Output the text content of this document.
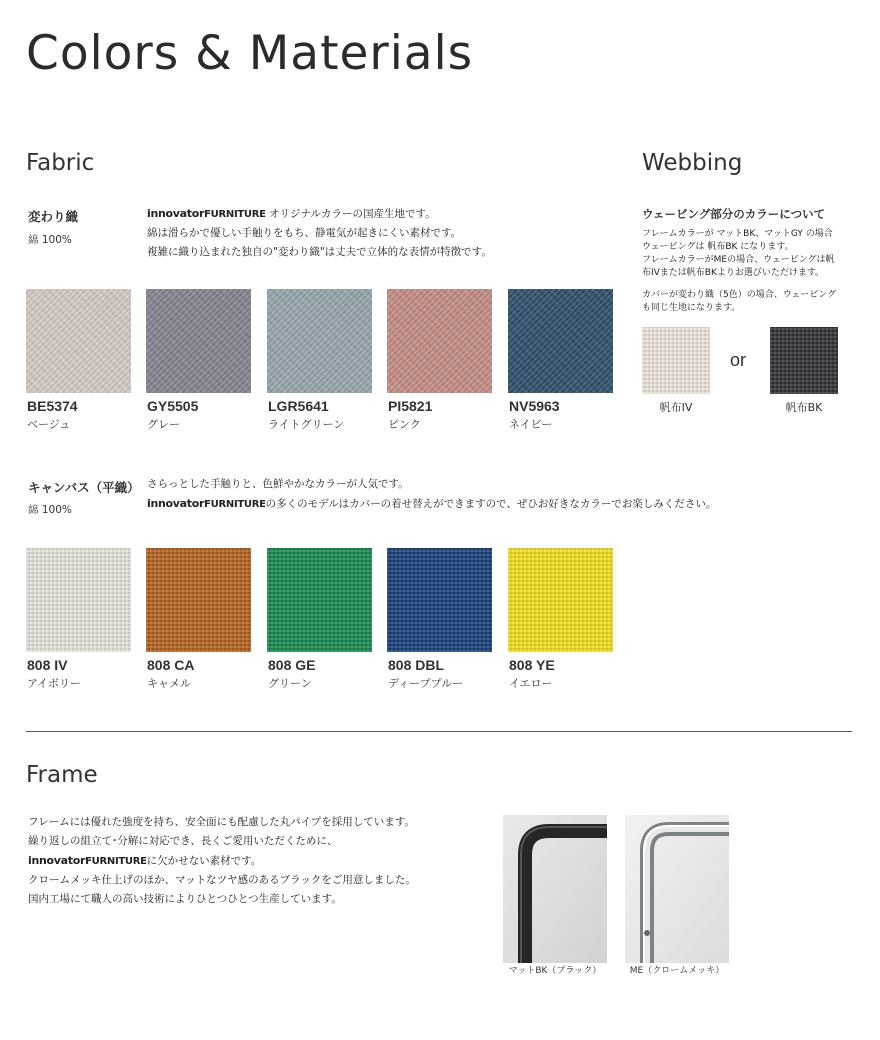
Colors & Materials
Fabric
変わり織
綿 100%
innovatorFURNITURE オリジナルカラーの国産生地です。
綿は滑らかで優しい手触りをもち、静電気が起きにくい素材です。
複雑に織り込まれた独自の"変わり織"は丈夫で立体的な表情が特徴です。
BE5374
ベージュ
GY5505
グレー
LGR5641
ライトグリーン
PI5821
ピンク
NV5963
ネイビー
キャンバス（平織）
綿 100%
さらっとした手触りと、色鮮やかなカラーが人気です。
innovatorFURNITUREの多くのモデルはカバーの着せ替えができますので、ぜひお好きなカラーでお楽しみください。
808 IV
アイボリー
808 CA
キャメル
808 GE
グリーン
808 DBL
ディーププルー
808 YE
イエロー
Webbing
ウェービング部分のカラーについて
フレームカラーが マットBK、マットGY の場合
ウェービングは 帆布BK になります。
フレームカラーがMEの場合、ウェービングは帆
布IVまたは帆布BKよりお選びいただけます。
カバーが変わり織（5色）の場合、ウェービング
も同じ生地になります。
or
帆布IV	帆布BK
Frame
フレームには優れた強度を持ち、安全面にも配慮した丸パイプを採用しています。
繰り返しの組立て･分解に対応でき、長くご愛用いただくために、
innovatorFURNITUREに欠かせない素材です。
クロームメッキ仕上げのほか、マットなツヤ感のあるブラックをご用意しました。
国内工場にて職人の高い技術によりひとつひとつ生産しています。
マットBK（ブラック）	ME（クロームメッキ）
